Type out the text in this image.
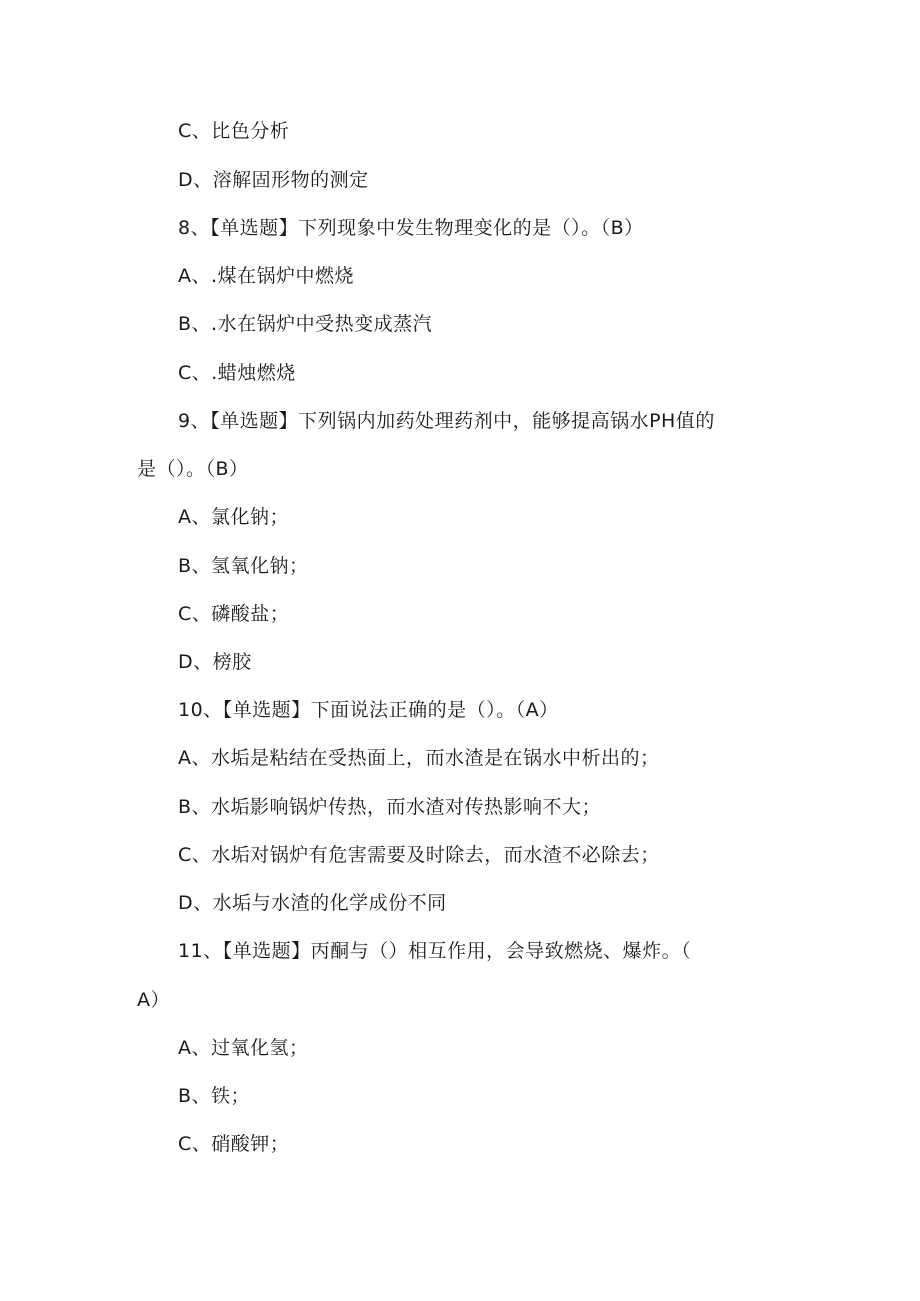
C、比色分析
D、溶解固形物的测定
8、【单选题】下列现象中发生物理变化的是（）。（B）
A、.煤在锅炉中燃烧
B、.水在锅炉中受热变成蒸汽
C、.蜡烛燃烧
9、【单选题】下列锅内加药处理药剂中，能够提高锅水PH值的
是（）。（B）
A、氯化钠；
B、氢氧化钠；
C、磷酸盐；
D、榜胶
10、【单选题】下面说法正确的是（）。（A）
A、水垢是粘结在受热面上，而水渣是在锅水中析出的；
B、水垢影响锅炉传热，而水渣对传热影响不大；
C、水垢对锅炉有危害需要及时除去，而水渣不必除去；
D、水垢与水渣的化学成份不同
11、【单选题】丙酮与（）相互作用，会导致燃烧、爆炸。（
A）
A、过氧化氢；
B、铁；
C、硝酸钾；
